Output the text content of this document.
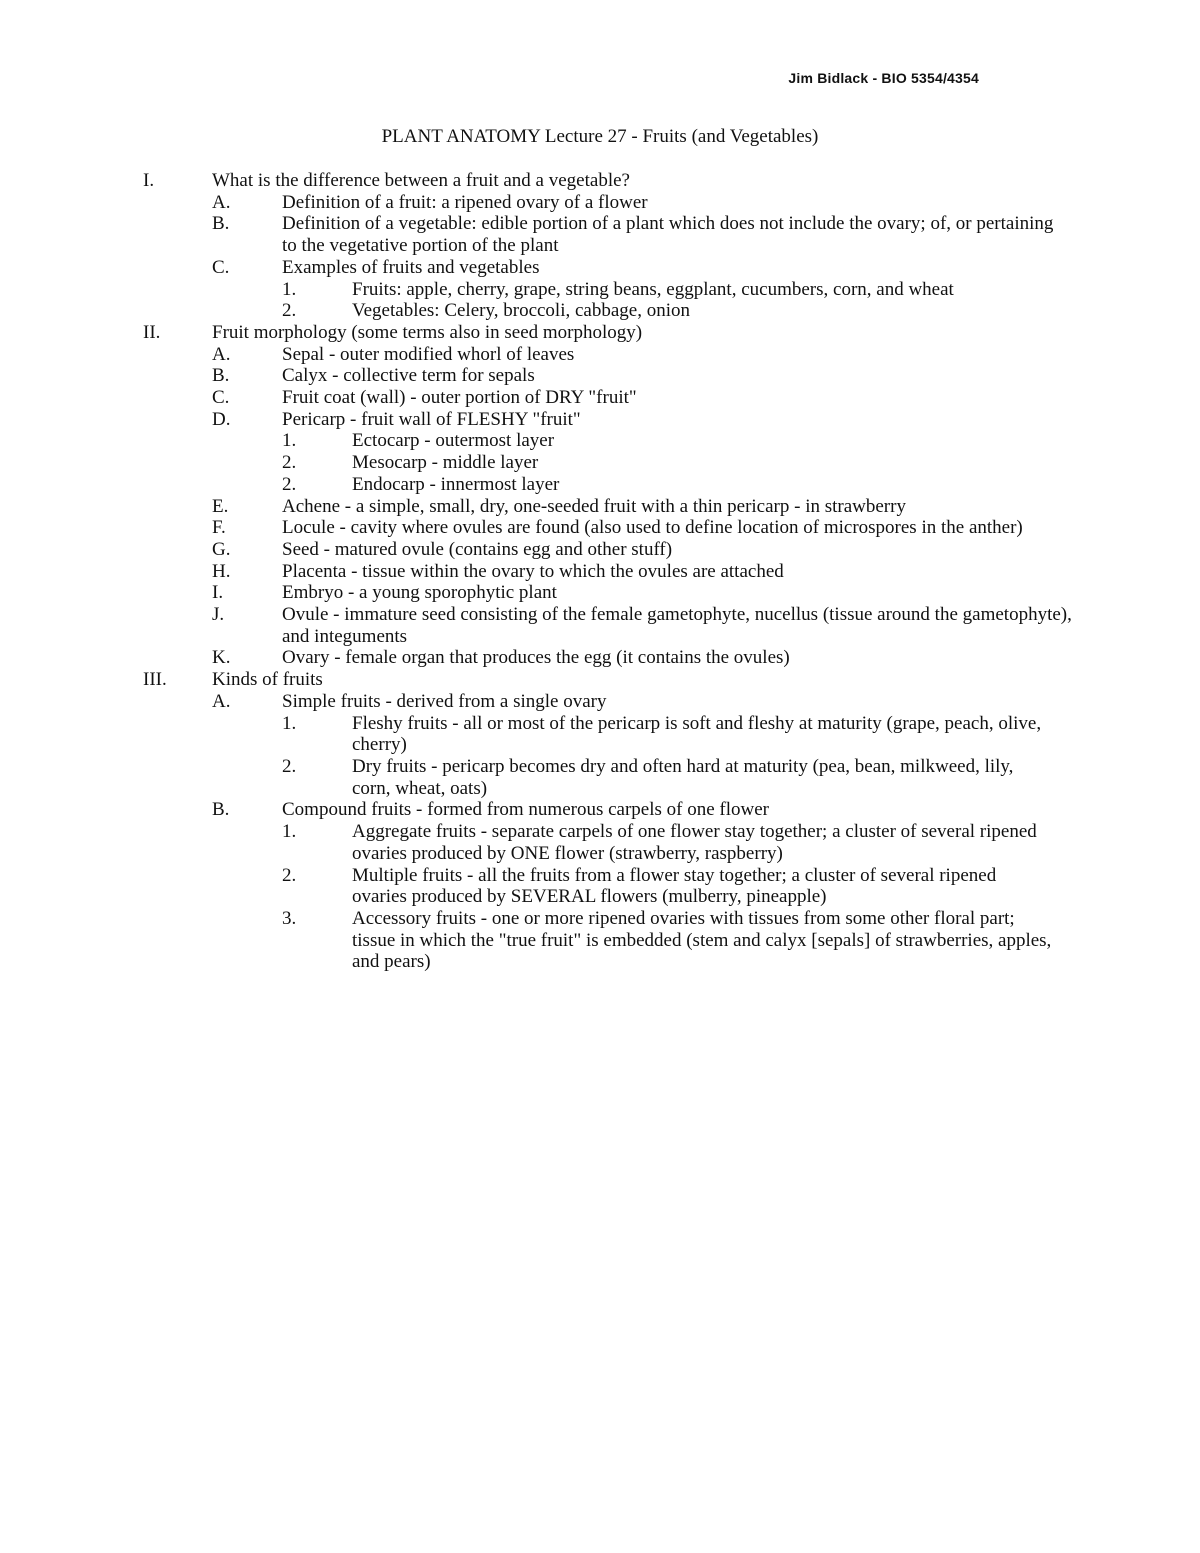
Jim Bidlack - BIO 5354/4354
PLANT ANATOMY Lecture 27 - Fruits (and Vegetables)
I.	What is the difference between a fruit and a vegetable?
A.	Definition of a fruit: a ripened ovary of a flower
B.	Definition of a vegetable: edible portion of a plant which does not include the ovary; of, or pertaining to the vegetative portion of the plant
C.	Examples of fruits and vegetables
1.	Fruits: apple, cherry, grape, string beans, eggplant, cucumbers, corn, and wheat
2.	Vegetables: Celery, broccoli, cabbage, onion
II.	Fruit morphology (some terms also in seed morphology)
A.	Sepal - outer modified whorl of leaves
B.	Calyx - collective term for sepals
C.	Fruit coat (wall) - outer portion of DRY "fruit"
D.	Pericarp - fruit wall of FLESHY "fruit"
1.	Ectocarp - outermost layer
2.	Mesocarp - middle layer
2.	Endocarp - innermost layer
E.	Achene - a simple, small, dry, one-seeded fruit with a thin pericarp - in strawberry
F.	Locule - cavity where ovules are found (also used to define location of microspores in the anther)
G.	Seed - matured ovule (contains egg and other stuff)
H.	Placenta - tissue within the ovary to which the ovules are attached
I.	Embryo - a young sporophytic plant
J.	Ovule - immature seed consisting of the female gametophyte, nucellus (tissue around the gametophyte), and integuments
K.	Ovary - female organ that produces the egg (it contains the ovules)
III. Kinds of fruits
A.	Simple fruits - derived from a single ovary
1.	Fleshy fruits - all or most of the pericarp is soft and fleshy at maturity (grape, peach, olive, cherry)
2.	Dry fruits - pericarp becomes dry and often hard at maturity (pea, bean, milkweed, lily, corn, wheat, oats)
B.	Compound fruits - formed from numerous carpels of one flower
1.	Aggregate fruits - separate carpels of one flower stay together; a cluster of several ripened ovaries produced by ONE flower (strawberry, raspberry)
2.	Multiple fruits - all the fruits from a flower stay together; a cluster of several ripened ovaries produced by SEVERAL flowers (mulberry, pineapple)
3.	Accessory fruits - one or more ripened ovaries with tissues from some other floral part; tissue in which the "true fruit" is embedded (stem and calyx [sepals] of strawberries, apples, and pears)
